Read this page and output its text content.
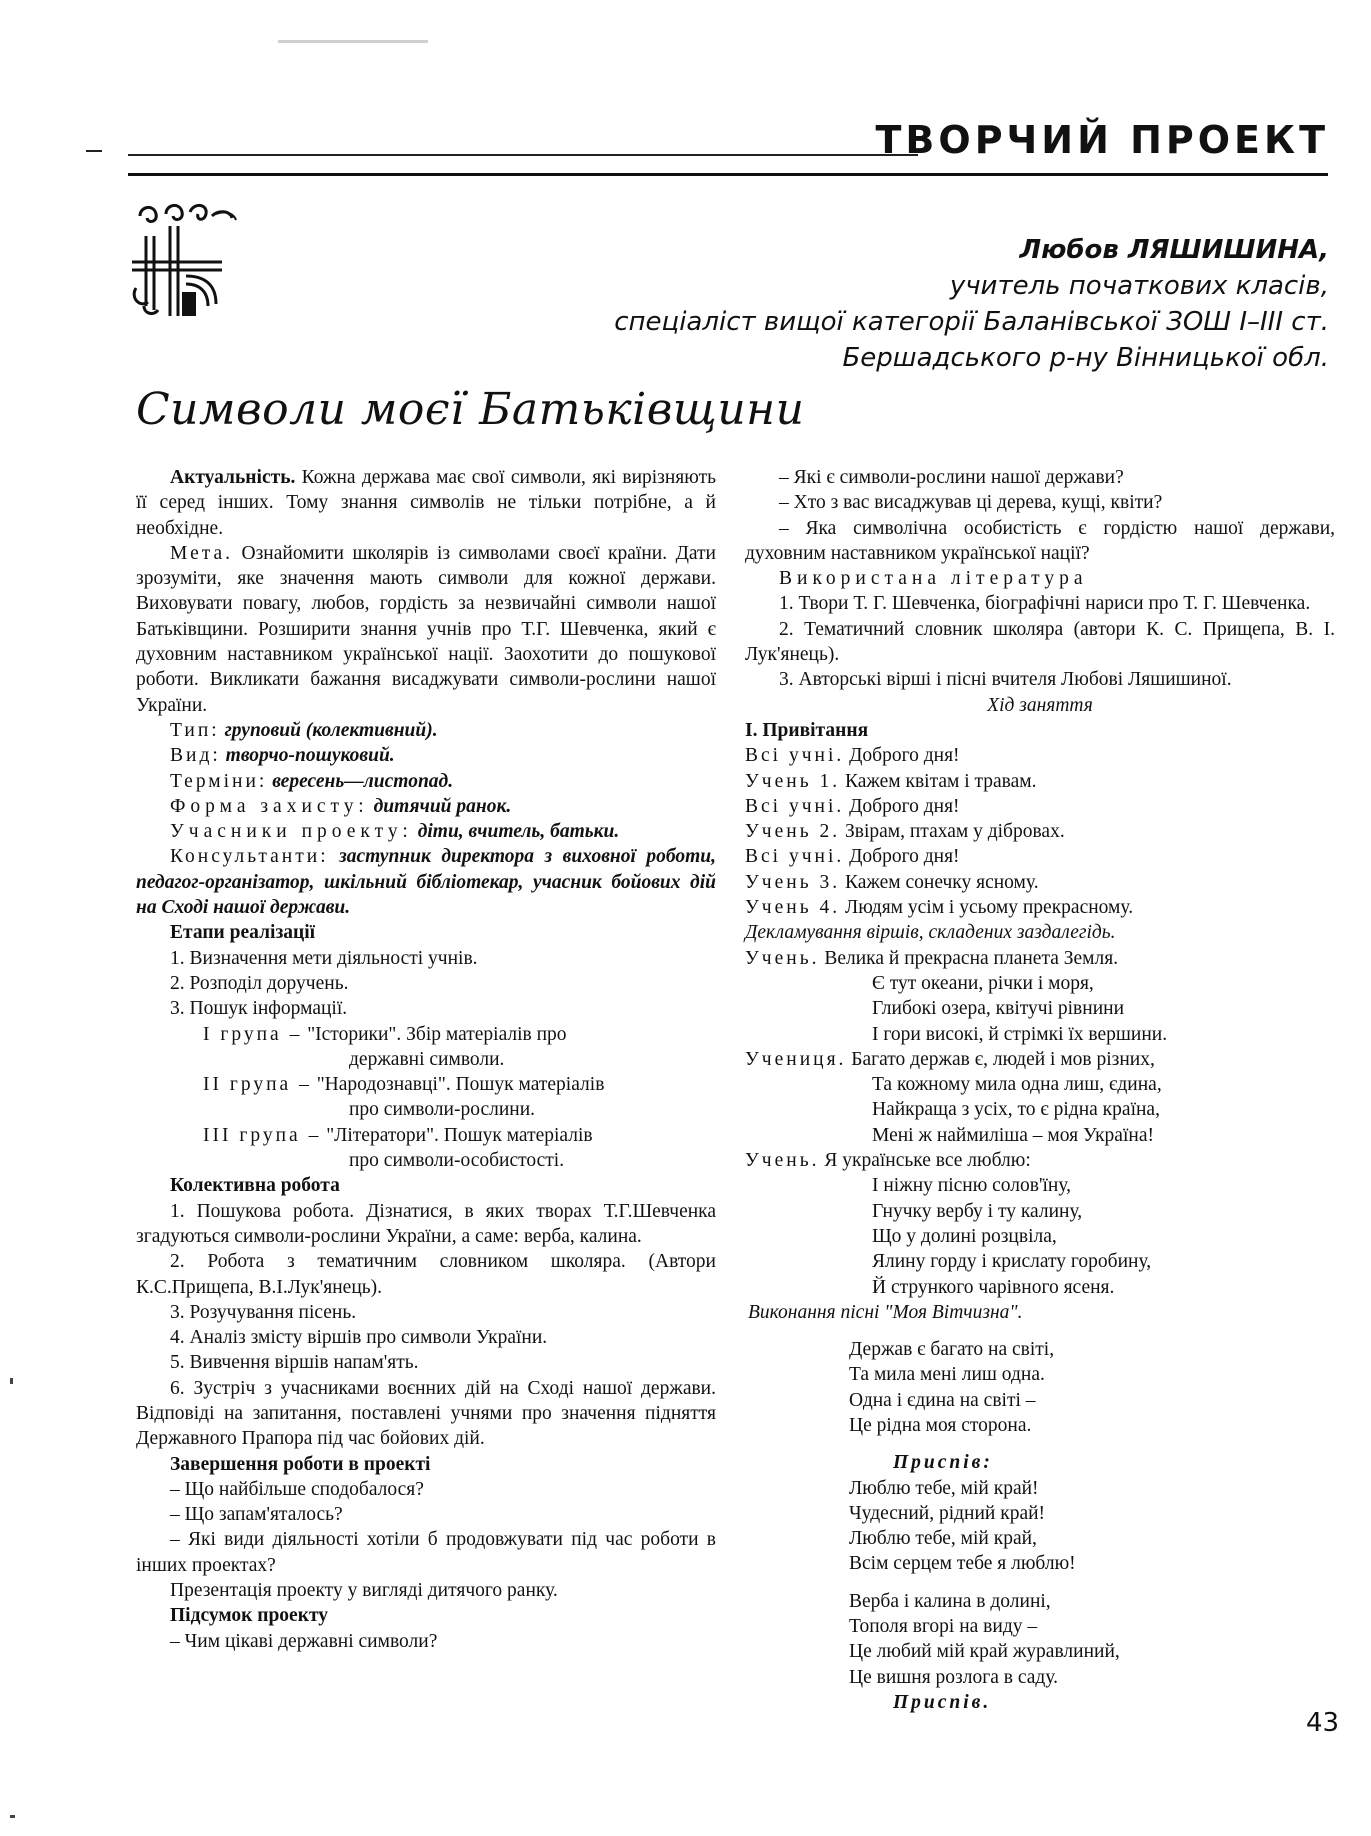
ТВОРЧИЙ ПРОЕКТ
Любов ЛЯШИШИНА,
учитель початкових класів,
спеціаліст вищої категорії Баланівської ЗОШ І–ІІІ ст.
Бершадського р-ну Вінницької обл.
Символи моєї Батьківщини

Актуальність. Кожна держава має свої символи, які вирізняють її серед інших. Тому знання символів не тільки потрібне, а й необхідне.

Мета. Ознайомити школярів із символами своєї країни. Дати зрозуміти, яке значення мають символи для кожної держави. Виховувати повагу, любов, гордість за незвичайні символи нашої Батьківщини. Розширити знання учнів про Т.Г. Шевченка, який є духовним наставником української нації. Заохотити до пошукової роботи. Викликати бажання висаджувати символи-рослини нашої України.

Тип: груповий (колективний).

Вид: творчо-пошуковий.

Терміни: вересень—листопад.

Форма захисту: дитячий ранок.

Учасники проекту: діти, вчитель, батьки.

Консультанти: заступник директора з виховної роботи, педагог-організатор, шкільний бібліотекар, учасник бойових дій на Сході нашої держави.

Етапи реалізації

1. Визначення мети діяльності учнів.

2. Розподіл доручень.

3. Пошук інформації.

І група – "Історики". Збір матеріалів про

державні символи.

ІІ група – "Народознавці". Пошук матеріалів

про символи-рослини.

ІІІ група – "Літератори". Пошук матеріалів

про символи-особистості.

Колективна робота

1. Пошукова робота. Дізнатися, в яких творах Т.Г.Шевченка згадуються символи-рослини України, а саме: верба, калина.

2. Робота з тематичним словником школяра. (Автори К.С.Прищепа, В.І.Лук'янець).

3. Розучування пісень.

4. Аналіз змісту віршів про символи України.

5. Вивчення віршів напам'ять.

6. Зустріч з учасниками воєнних дій на Сході нашої держави. Відповіді на запитання, поставлені учнями про значення підняття Державного Прапора під час бойових дій.

Завершення роботи в проекті

– Що найбільше сподобалося?

– Що запам'яталось?

– Які види діяльності хотіли б продовжувати під час роботи в інших проектах?

Презентація проекту у вигляді дитячого ранку.

Підсумок проекту

– Чим цікаві державні символи?

– Які є символи-рослини нашої держави?

– Хто з вас висаджував ці дерева, кущі, квіти?

– Яка символічна особистість є гордістю нашої держави, духовним наставником української нації?

Використана література

1. Твори Т. Г. Шевченка, біографічні нариси про Т. Г. Шевченка.

2. Тематичний словник школяра (автори К. С. Прищепа, В. І. Лук'янець).

3. Авторські вірші і пісні вчителя Любові Ляшишиної.

Хід заняття

І. Привітання

Всі учні. Доброго дня!

Учень 1. Кажем квітам і травам.

Всі учні. Доброго дня!

Учень 2. Звірам, птахам у дібровах.

Всі учні. Доброго дня!

Учень 3. Кажем сонечку ясному.

Учень 4. Людям усім і усьому прекрасному.

Декламування віршів, складених заздалегідь.

Учень. Велика й прекрасна планета Земля.

Є тут океани, річки і моря,

Глибокі озера, квітучі рівнини

І гори високі, й стрімкі їх вершини.

Учениця. Багато держав є, людей і мов різних,

Та кожному мила одна лиш, єдина,

Найкраща з усіх, то є рідна країна,

Мені ж наймиліша – моя Україна!

Учень. Я українське все люблю:

І ніжну пісню солов'їну,

Гнучку вербу і ту калину,

Що у долині розцвіла,

Ялину горду і крислату горобину,

Й стрункого чарівного ясеня.

Виконання пісні "Моя Вітчизна".

Держав є багато на світі,

Та мила мені лиш одна.

Одна і єдина на світі –

Це рідна моя сторона.

Приспів:

Люблю тебе, мій край!

Чудесний, рідний край!

Люблю тебе, мій край,

Всім серцем тебе я люблю!

Верба і калина в долині,

Тополя вгорі на виду –

Це любий мій край журавлиний,

Це вишня розлога в саду.

Приспів.

43
